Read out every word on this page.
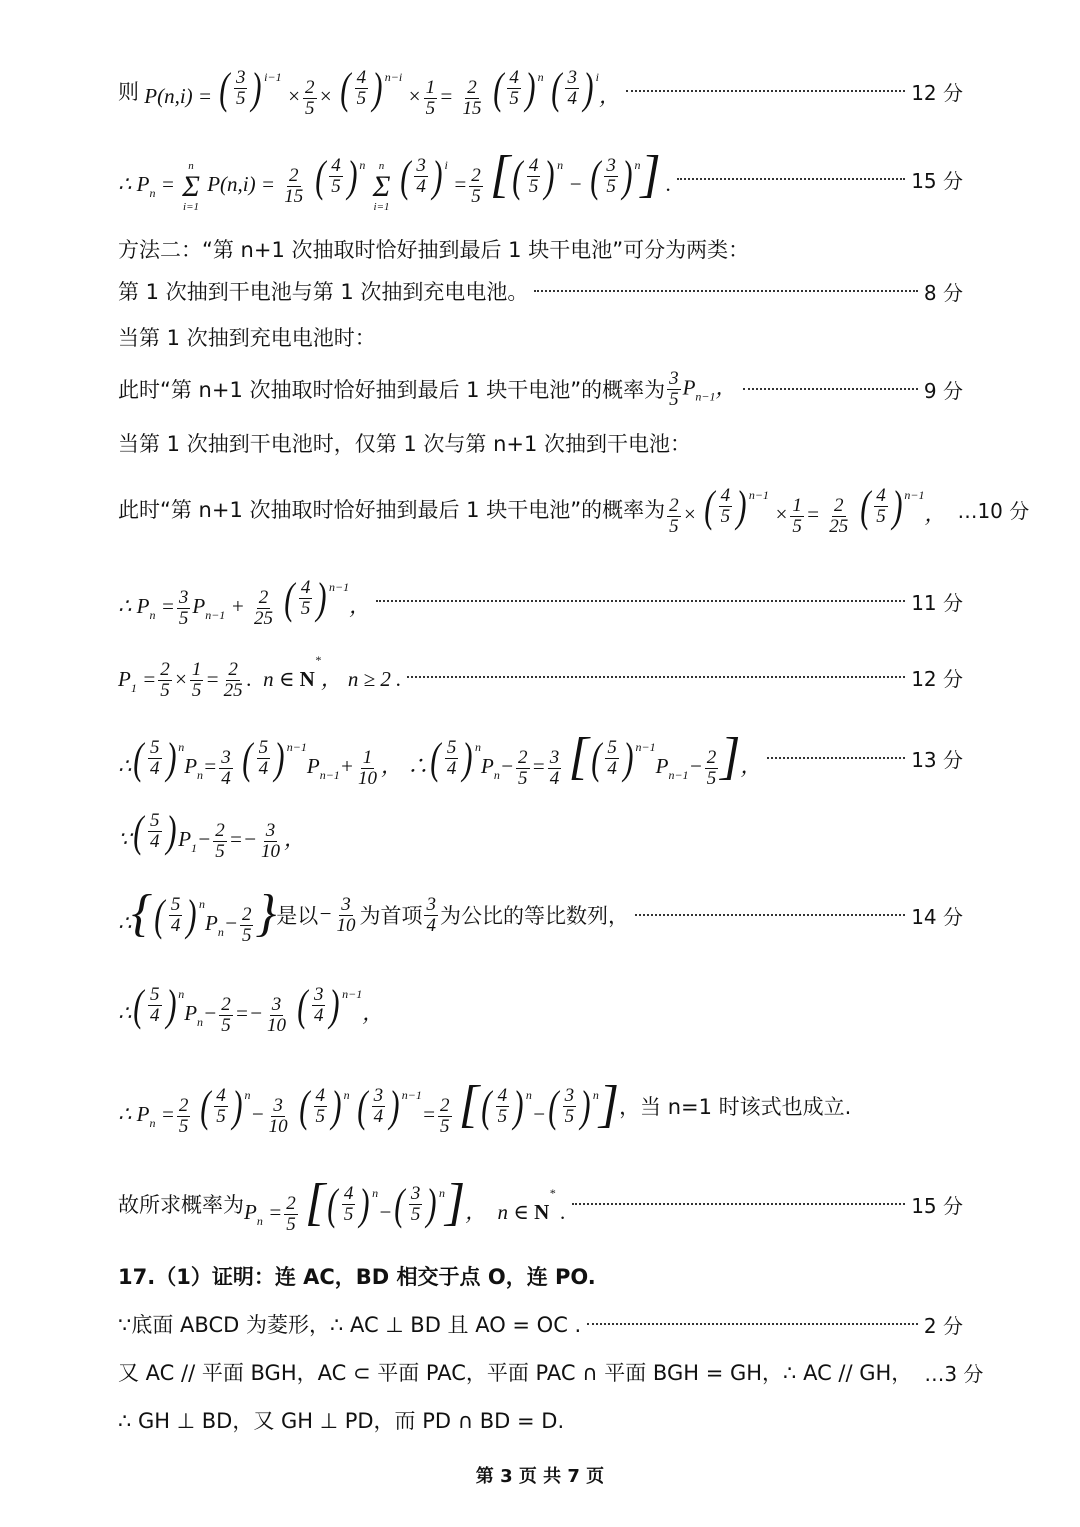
则 P(n,i) = ( $\frac{3}{5}$
) $^{i-1} \times \frac{2}{5}$ × ( $\frac{4}{5}$
) $^{n-i} \times \frac{1}{5} = \frac{2}{15}$
( $\frac{4}{5}$
) $^n$ ( $\frac{3}{4}$
) $^i$，	12 分
∴ $P_n$ =
n
Σ
i=1
$P(n,i) = \frac{2}{15}$
( $\frac{4}{5}$
) $^n$ n
Σ
i=1

( $\frac{3}{4}$
) $^i = \frac{2}{5}$
( [ $\frac{4}{5}$
) $^n$ − ( $\frac{3}{5}$
) $^n$ ] .	15 分
方法二：“第 n+1 次抽取时恰好抽到最后 1 块干电池”可分为两类：
第 1 次抽到干电池与第 1 次抽到充电电池。	8 分
当第 1 次抽到充电电池时：
此时“第 n+1 次抽取时恰好抽到最后 1 块干电池”的概率为 $\frac{3}{5} P_{n-1}$，	9 分
当第 1 次抽到干电池时，仅第 1 次与第 n+1 次抽到干电池：
此时“第 n+1 次抽取时恰好抽到最后 1 块干电池”的概率为 $\frac{2}{5}$ × ( $\frac{4}{5}$
) $^{n-1} \times \frac{1}{5} = \frac{2}{25}$
( $\frac{4}{5}$
) $^{n-1}$， …10 分
∴ $P_n = \frac{3}{5} P_{n-1} + \frac{2}{25}$
( $\frac{4}{5}$
) $^{n-1}$，	11 分
$P_1 = \frac{2}{5} \times \frac{1}{5} = \frac{2}{25}$ . n ∈ N*， n ≥ 2 .	12 分
∴ ( $\frac{5}{4}$
) $^nP_n= \frac{3}{4}$
( $\frac{5}{4}$
) $^{n-1}P_{n-1}+ \frac{1}{10}$ ， ∴ ( $\frac{5}{4}$
) $^nP_n- \frac{2}{5} = \frac{3}{4}$
( [ $\frac{5}{4}$
) $^{n-1}P_{n-1}- \frac{2}{5}$
] ，	13 分
∵ ( $\frac{5}{4}$
) $P_1- \frac{2}{5} =- \frac{3}{10}$ ，
∴ ( { $\frac{5}{4}$
) $^nP_n- \frac{2}{5}$
} 是以 − $\frac{3}{10}$ 为首项 $\frac{3}{4}$ 为公比的等比数列，	14 分
∴ ( $\frac{5}{4}$
) $^nP_n- \frac{2}{5} =- \frac{3}{10}$
( $\frac{3}{4}$
) $^{n-1}$，
∴ $P_n = \frac{2}{5}$
( $\frac{4}{5}$
) $^n- \frac{3}{10}$
( $\frac{4}{5}$
) $^n$ ( $\frac{3}{4}$
) $^{n-1}= \frac{2}{5}$
( [ $\frac{4}{5}$
) $^n$− ( $\frac{3}{5}$
) $^n$ ] ，当 n=1 时该式也成立.
故所求概率为 $P_n = \frac{2}{5}$
( [ $\frac{4}{5}$
) $^n$− ( $\frac{3}{5}$
) $^n$ ]， n ∈ N* .	15 分
17.（1）证明：连 AC，BD 相交于点 O，连 PO.
∵底面 ABCD 为菱形，∴ AC ⊥ BD 且 AO = OC .	2 分
又 AC // 平面 BGH，AC ⊂ 平面 PAC，平面 PAC ∩ 平面 BGH = GH，∴ AC // GH， …3 分
∴ GH ⊥ BD，又 GH ⊥ PD，而 PD ∩ BD = D.
第 3 页 共 7 页
